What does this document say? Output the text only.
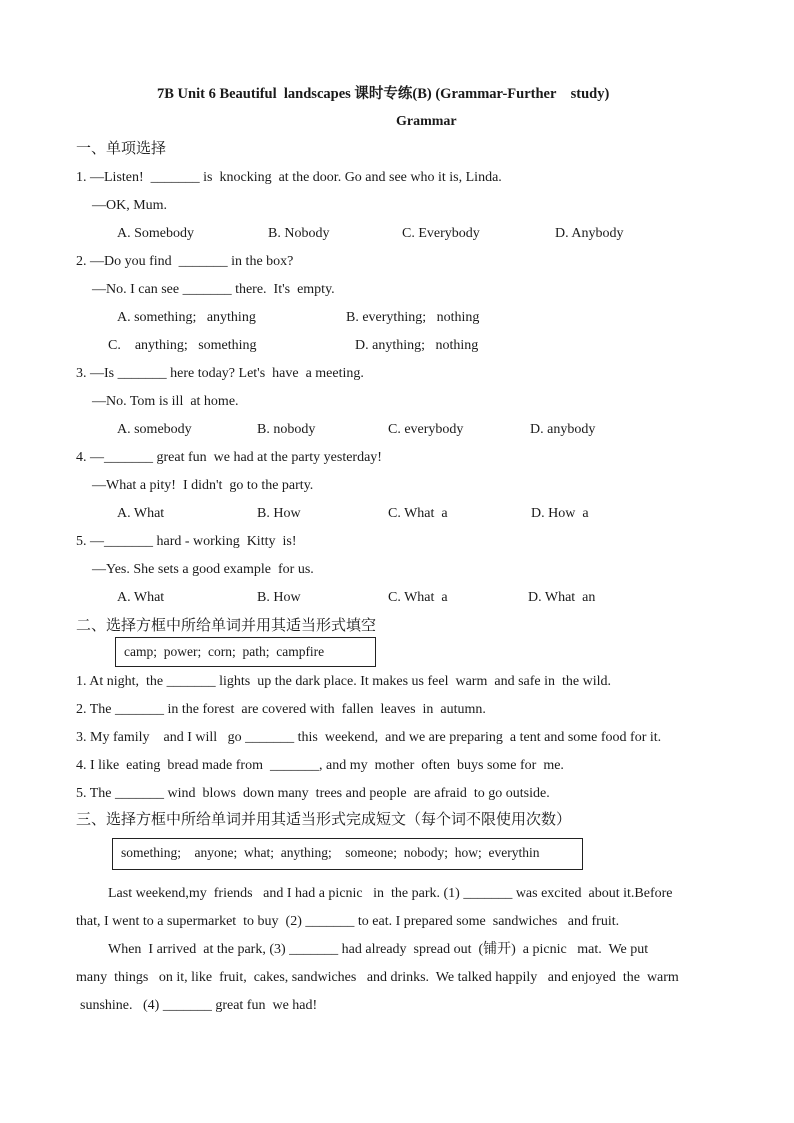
7B Unit 6 Beautiful  landscapes 课时专练(B) (Grammar-Further    study)
Grammar
一、单项选择
1. —Listen!  _______ is  knocking  at the door. Go and see who it is, Linda.
—OK, Mum.
A. Somebody	B. Nobody	C. Everybody	D. Anybody
2. —Do you find  _______ in the box?
—No. I can see _______ there.  It's  empty.
A. something;   anything	B. everything;   nothing
C.    anything;   something	D. anything;   nothing
3. —Is _______ here today? Let's  have  a meeting.
—No. Tom is ill  at home.
A. somebody	B. nobody	C. everybody	D. anybody
4. —_______ great fun  we had at the party yesterday!
—What a pity!  I didn't  go to the party.
A. What	B. How	C. What  a	D. How  a
5. —_______ hard - working  Kitty  is!
—Yes. She sets a good example  for us.
A. What	B. How	C. What  a	D. What  an
二、选择方框中所给单词并用其适当形式填空
camp;  power;  corn;  path;  campfire
1. At night,  the _______ lights  up the dark place. It makes us feel  warm  and safe in  the wild.
2. The _______ in the forest  are covered with  fallen  leaves  in  autumn.
3. My family    and I will   go _______ this  weekend,  and we are preparing  a tent and some food for it.
4. I like  eating  bread made from  _______, and my  mother  often  buys some for  me.
5. The _______ wind  blows  down many  trees and people  are afraid  to go outside.
三、选择方框中所给单词并用其适当形式完成短文（每个词不限使用次数）
something;    anyone;  what;  anything;    someone;  nobody;  how;  everythin
Last weekend,my  friends   and I had a picnic   in  the park. (1) _______ was excited  about it.Before
that, I went to a supermarket  to buy  (2) _______ to eat. I prepared some  sandwiches   and fruit.
When  I arrived  at the park, (3) _______ had already  spread out  (铺开)  a picnic   mat.  We put
many  things   on it, like  fruit,  cakes, sandwiches   and drinks.  We talked happily   and enjoyed  the  warm
sunshine.   (4) _______ great fun  we had!
